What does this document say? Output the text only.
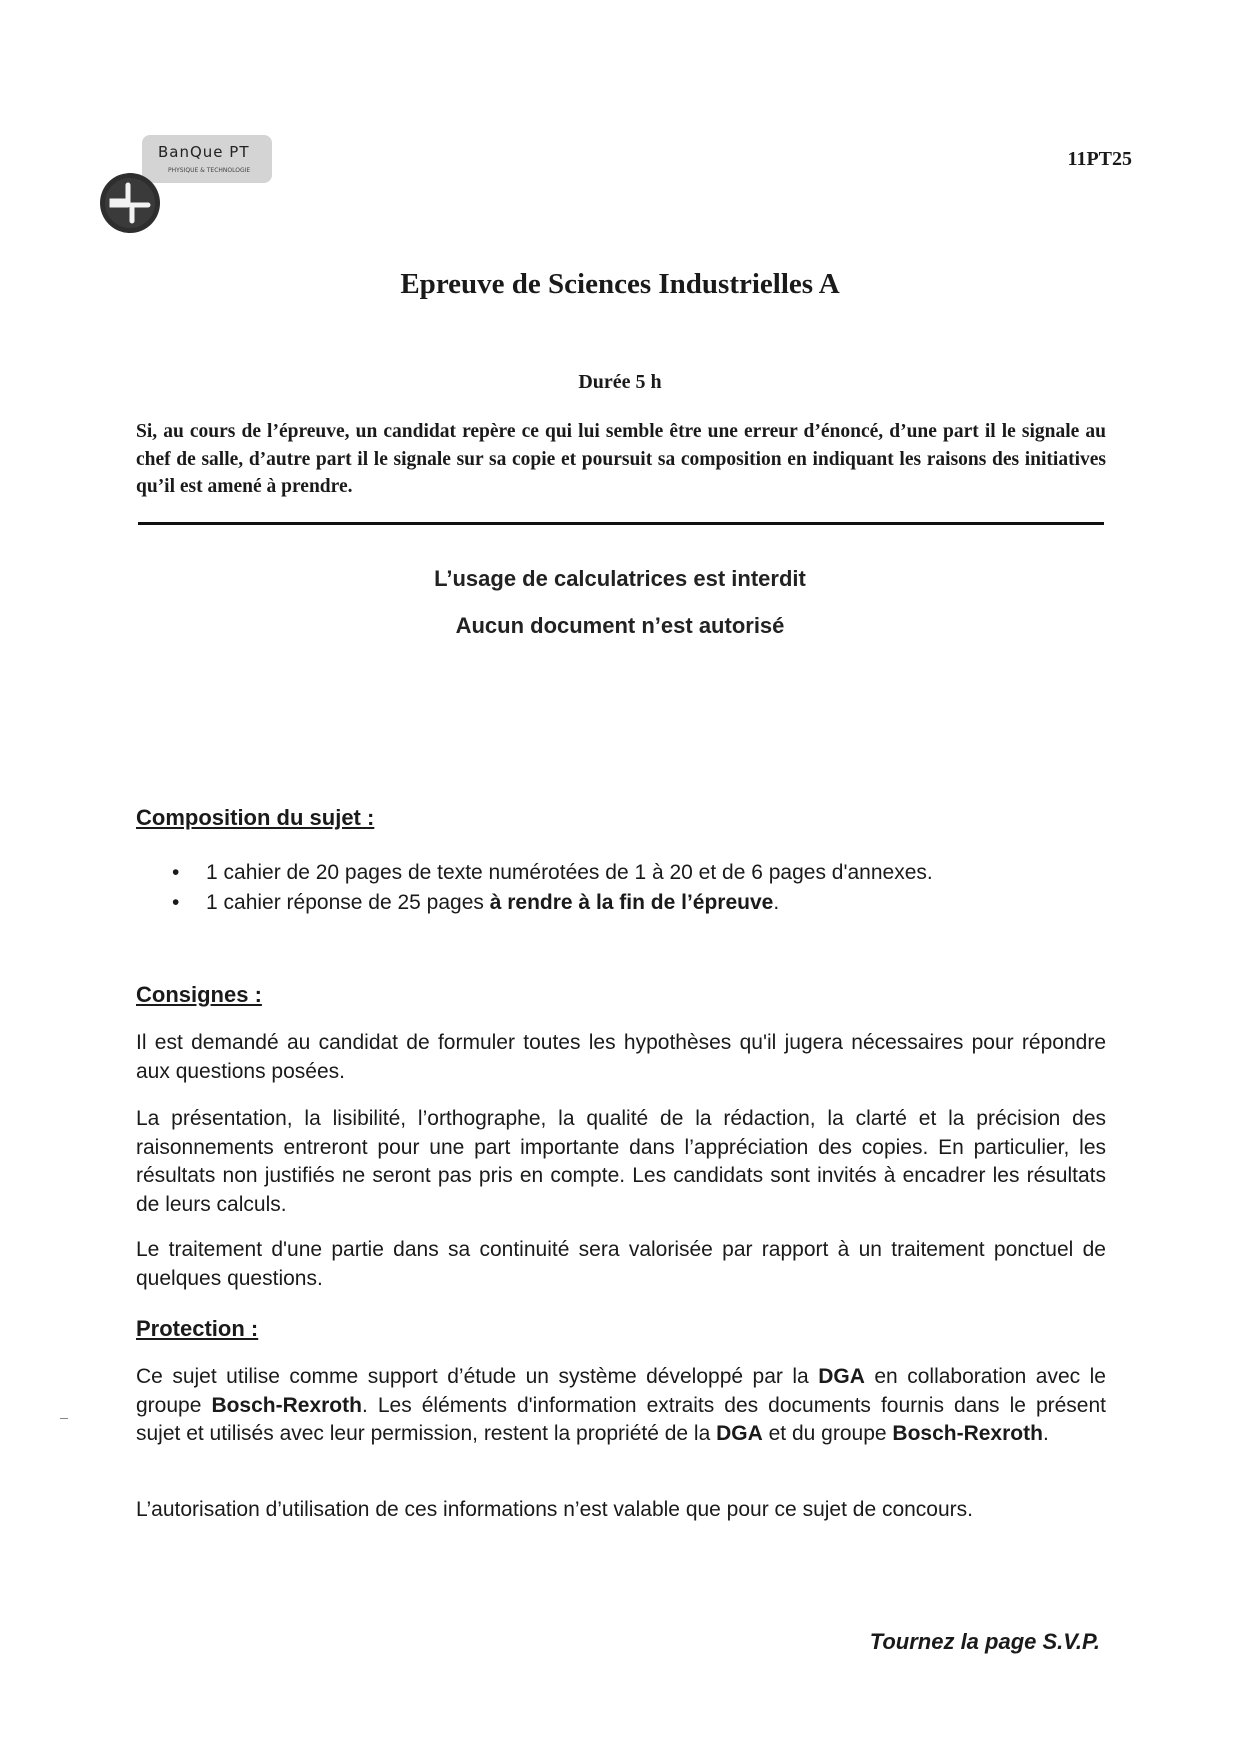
BanQue PT
PHYSIQUE & TECHNOLOGIE
11PT25
Epreuve de Sciences Industrielles A
Durée 5 h

Si, au cours de l’épreuve, un candidat repère ce qui lui semble être une erreur d’énoncé, d’une part il le signale au chef de salle, d’autre part il le signale sur sa copie et poursuit sa composition en indiquant les raisons des initiatives qu’il est amené à prendre.

L’usage de calculatrices est interdit
Aucun document n’est autorisé
Composition du sujet :
• 1 cahier de 20 pages de texte numérotées de 1 à 20 et de 6 pages d'annexes.
• 1 cahier réponse de 25 pages à rendre à la fin de l’épreuve.
Consignes :

Il est demandé au candidat de formuler toutes les hypothèses qu'il jugera nécessaires pour répondre aux questions posées.

La présentation, la lisibilité, l’orthographe, la qualité de la rédaction, la clarté et la précision des raisonnements entreront pour une part importante dans l’appréciation des copies. En particulier, les résultats non justifiés ne seront pas pris en compte. Les candidats sont invités à encadrer les résultats de leurs calculs.

Le traitement d'une partie dans sa continuité sera valorisée par rapport à un traitement ponctuel de quelques questions.

Protection :

Ce sujet utilise comme support d’étude un système développé par la DGA en collaboration avec le groupe Bosch-Rexroth. Les éléments d'information extraits des documents fournis dans le présent sujet et utilisés avec leur permission, restent la propriété de la DGA et du groupe Bosch-Rexroth.

L’autorisation d’utilisation de ces informations n’est valable que pour ce sujet de concours.

Tournez la page S.V.P.
